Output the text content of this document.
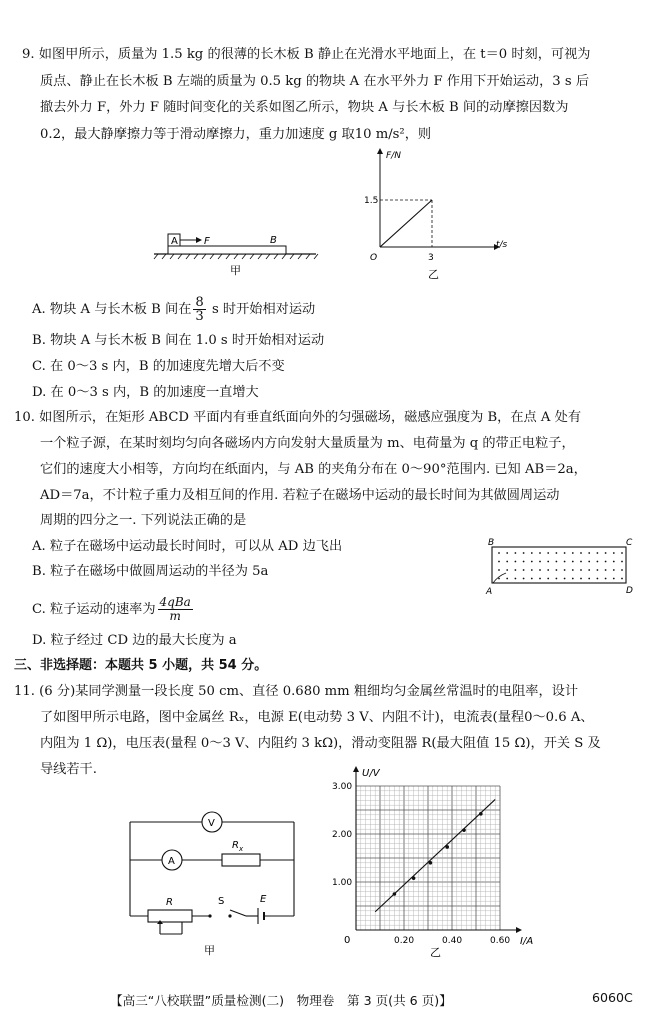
9. 如图甲所示，质量为 1.5 kg 的很薄的长木板 B 静止在光滑水平地面上，在 t＝0 时刻，可视为
质点、静止在长木板 B 左端的质量为 0.5 kg 的物块 A 在水平外力 F 作用下开始运动，3 s 后
撤去外力 F，外力 F 随时间变化的关系如图乙所示，物块 A 与长木板 B 间的动摩擦因数为
0.2，最大静摩擦力等于滑动摩擦力，重力加速度 g 取10 m/s²，则
A	F	B
甲
F/N
t/s
O
1.5
3
乙
A. 物块 A 与长木板 B 间在 $\frac{8}{3}$ s 时开始相对运动
B. 物块 A 与长木板 B 间在 1.0 s 时开始相对运动
C. 在 0～3 s 内，B 的加速度先增大后不变
D. 在 0～3 s 内，B 的加速度一直增大
10. 如图所示，在矩形 ABCD 平面内有垂直纸面向外的匀强磁场，磁感应强度为 B，在点 A 处有
一个粒子源，在某时刻均匀向各磁场内方向发射大量质量为 m、电荷量为 q 的带正电粒子，
它们的速度大小相等，方向均在纸面内，与 AB 的夹角分布在 0～90°范围内. 已知 AB＝2a，
AD＝7a，不计粒子重力及相互间的作用. 若粒子在磁场中运动的最长时间为其做圆周运动
周期的四分之一. 下列说法正确的是
A. 粒子在磁场中运动最长时间时，可以从 AD 边飞出
B. 粒子在磁场中做圆周运动的半径为 5a
C. 粒子运动的速率为 $\frac{\text{4qBa}}{m}$
D. 粒子经过 CD 边的最大长度为 a
B	C
A	D
三、非选择题：本题共 5 小题，共 54 分。
11. (6 分)某同学测量一段长度 50 cm、直径 0.680 mm 粗细均匀金属丝常温时的电阻率，设计
了如图甲所示电路，图中金属丝 Rₓ，电源 E(电动势 3 V、内阻不计)，电流表(量程0～0.6 A、
内阻为 1 Ω)，电压表(量程 0～3 V、内阻约 3 kΩ)，滑动变阻器 R(最大阻值 15 Ω)，开关 S 及
导线若干.
V
A
$R_x$
R	S	E
甲
0.20	0.40	0.60
1.00
2.00
3.00
U/V
I/A
0
乙
【高三“八校联盟”质量检测(二)　物理卷　第 3 页(共 6 页)】	6060C
